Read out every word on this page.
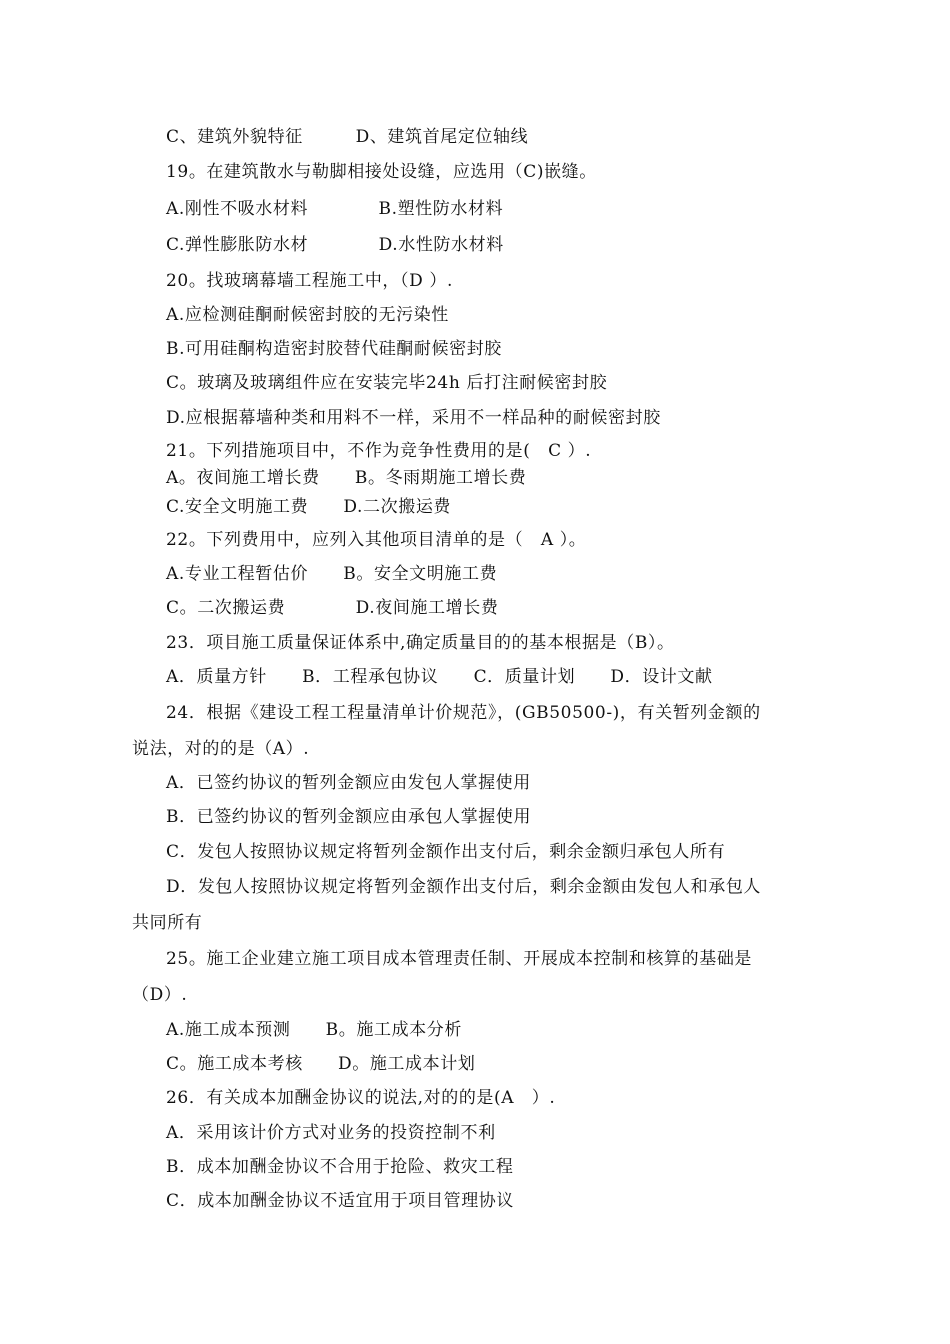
C、建筑外貌特征　　　D、建筑首尾定位轴线
19。在建筑散水与勒脚相接处设缝，应选用（C)嵌缝。
A.刚性不吸水材料　　　　B.塑性防水材料
C.弹性膨胀防水材　　　　D.水性防水材料
20。找玻璃幕墙工程施工中，（D ）.
A.应检测硅酮耐候密封胶的无污染性
B.可用硅酮构造密封胶替代硅酮耐候密封胶
C。玻璃及玻璃组件应在安装完毕24h 后打注耐候密封胶
D.应根据幕墙种类和用料不一样，采用不一样品种的耐候密封胶
21。下列措施项目中，不作为竞争性费用的是(　C ）.
A。夜间施工增长费　　B。冬雨期施工增长费
C.安全文明施工费　　D.二次搬运费
22。下列费用中，应列入其他项目清单的是（　A ）。
A.专业工程暂估价　　B。安全文明施工费
C。二次搬运费　　　　D.夜间施工增长费
23．项目施工质量保证体系中,确定质量目的的基本根据是（B）。
A．质量方针　　B．工程承包协议　　C．质量计划　　D．设计文献
24．根据《建设工程工程量清单计价规范》，(GB50500-)，有关暂列金额的
说法，对的的是（A）.
A．已签约协议的暂列金额应由发包人掌握使用
B．已签约协议的暂列金额应由承包人掌握使用
C．发包人按照协议规定将暂列金额作出支付后，剩余金额归承包人所有
D．发包人按照协议规定将暂列金额作出支付后，剩余金额由发包人和承包人
共同所有
25。施工企业建立施工项目成本管理责任制、开展成本控制和核算的基础是
（D）.
A.施工成本预测　　B。施工成本分析
C。施工成本考核　　D。施工成本计划
26．有关成本加酬金协议的说法,对的的是(A　）.
A．采用该计价方式对业务的投资控制不利
B．成本加酬金协议不合用于抢险、救灾工程
C．成本加酬金协议不适宜用于项目管理协议
